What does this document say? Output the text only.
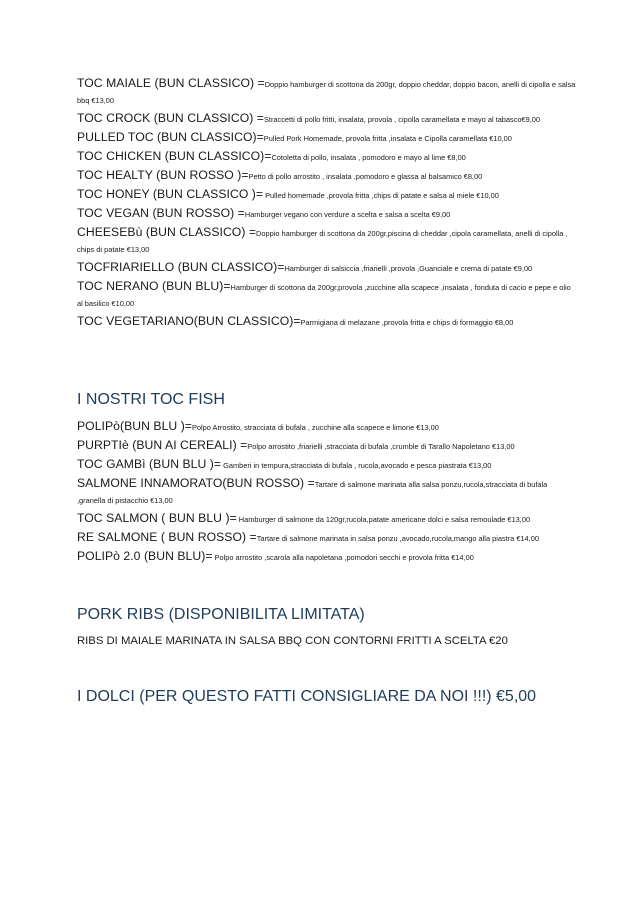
TOC MAIALE (BUN CLASSICO) =Doppio hamburger di scottona da 200gr, doppio cheddar, doppio bacon, anelli di cipolla e salsa bbq €13,00
TOC CROCK (BUN CLASSICO) =Straccetti di pollo fritti, insalata, provola , cipolla caramellata e mayo al tabasco€9,00
PULLED TOC (BUN CLASSICO)=Pulled Pork Homemade, provola fritta ,insalata e Cipolla caramellata €10,00
TOC CHICKEN (BUN CLASSICO)=Cotoletta di pollo, insalata , pomodoro e mayo al lime €8,00
TOC HEALTY (BUN ROSSO )=Petto di pollo arrostito , insalata ,pomodoro e glassa al balsamico €8,00
TOC HONEY (BUN CLASSICO )= Pulled homemade ,provola fritta ,chips di patate e salsa al miele €10,00
TOC VEGAN (BUN ROSSO) =Hamburger vegano con verdure a scelta e salsa a scelta €9,00
CHEESEBù (BUN CLASSICO) =Doppio hamburger di scottona da 200gr,piscina di cheddar ,cipola caramellata, anelli di cipolla , chips di patate €13,00
TOCFRIARIELLO (BUN CLASSICO)=Hamburger di salsiccia ,friarielli ,provola ,Guanciale e crema di patate €9,00
TOC NERANO (BUN BLU)=Hamburger di scottona da 200gr,provola ,zucchine alla scapece ,insalata , fonduta di cacio e pepe e olio al basilico €10,00
TOC VEGETARIANO(BUN CLASSICO)=Parmigiana di melazane ,provola fritta e chips di formaggio €8,00
I NOSTRI TOC FISH
POLIPò(BUN BLU )=Polpo Arrostito, stracciata di bufala , zucchine alla scapece e limone €13,00
PURPTIè (BUN AI CEREALI) =Polpo arrostito ,friarielli ,stracciata di bufala ,crumble di Tarallo Napoletano €13,00
TOC GAMBì (BUN BLU )= Gamberi in tempura,stracciata di bufala , rucola,avocado e pesca piastrata €13,00
SALMONE INNAMORATO(BUN ROSSO) =Tartare di salmone marinata alla salsa ponzu,rucola,stracciata di bufala ,granella di pistacchio €13,00
TOC SALMON ( BUN BLU )= Hamburger di salmone da 120gr,rucola,patate americane dolci e salsa remoulade €13,00
RE SALMONE ( BUN ROSSO) =Tartare di salmone marinata in salsa ponzu ,avocado,rucola,mango alla piastra €14,00
POLIPò 2.0 (BUN BLU)= Polpo arrostito ,scarola alla napoletana ,pomodori secchi e provola fritta €14,00
PORK RIBS (DISPONIBILITA LIMITATA)

RIBS DI MAIALE MARINATA IN SALSA BBQ CON CONTORNI FRITTI A SCELTA €20

I DOLCI (PER QUESTO FATTI CONSIGLIARE DA NOI !!!) €5,00
